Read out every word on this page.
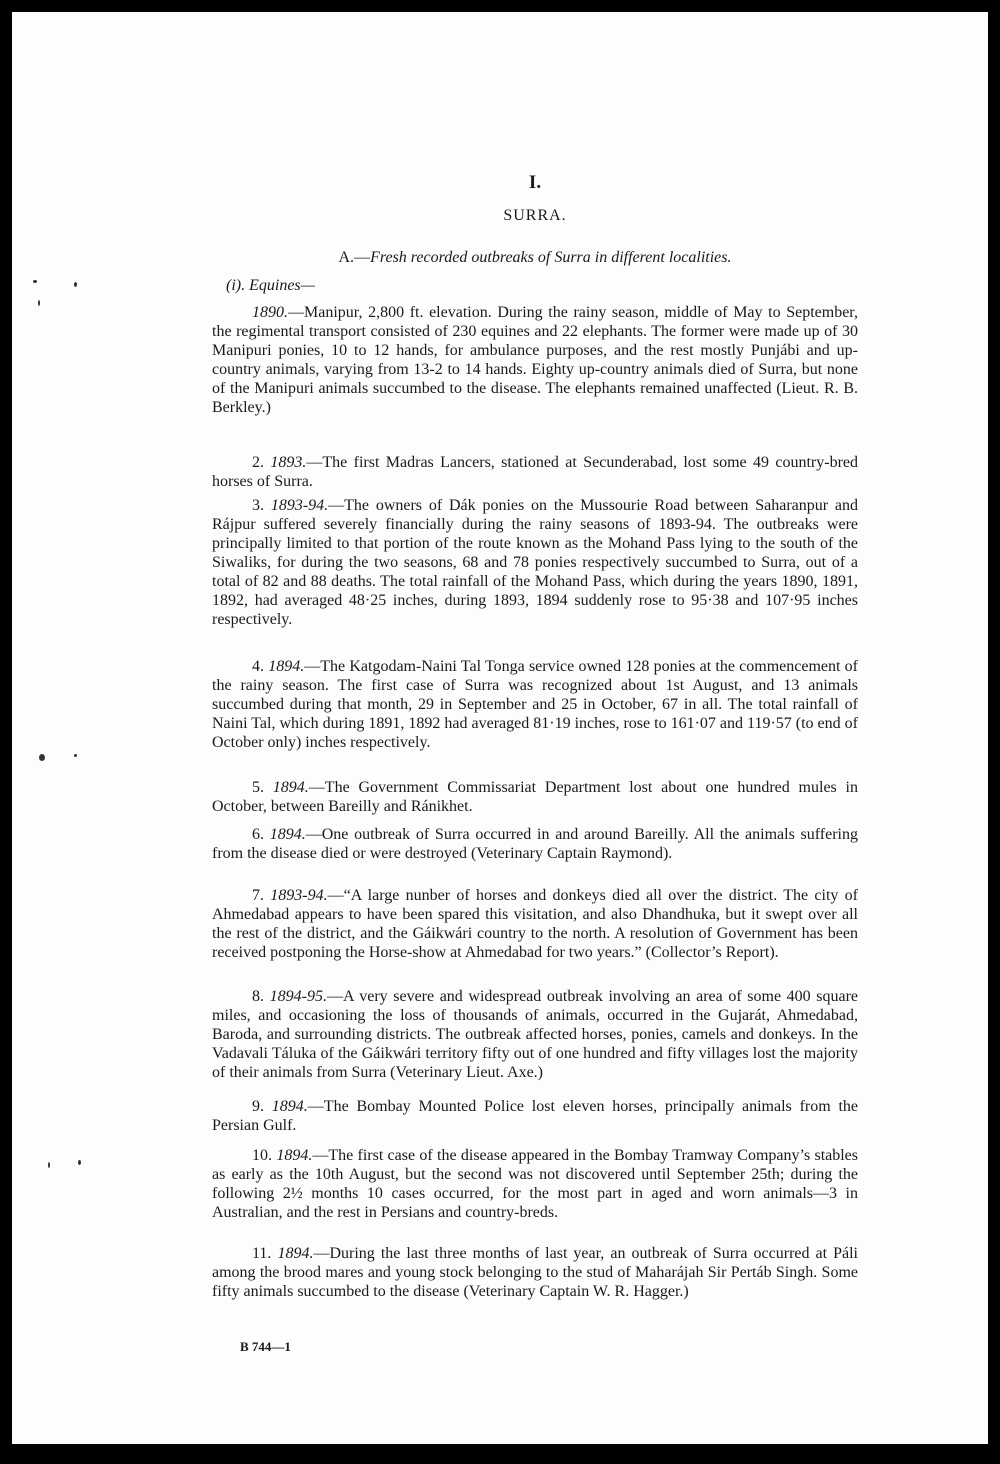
I.
SURRA.
A.—Fresh recorded outbreaks of Surra in different localities.
(i). Equines—

1890.—Manipur, 2,800 ft. elevation. During the rainy season, middle of May to September, the regimental transport consisted of 230 equines and 22 elephants. The former were made up of 30 Manipuri ponies, 10 to 12 hands, for ambulance purposes, and the rest mostly Punjábi and up-country animals, varying from 13-2 to 14 hands. Eighty up-country animals died of Surra, but none of the Manipuri animals succumbed to the disease. The elephants remained unaffected (Lieut. R. B. Berkley.)

2. 1893.—The first Madras Lancers, stationed at Secunderabad, lost some 49 country-bred horses of Surra.

3. 1893-94.—The owners of Dák ponies on the Mussourie Road between Saharanpur and Rájpur suffered severely financially during the rainy seasons of 1893-94. The outbreaks were principally limited to that portion of the route known as the Mohand Pass lying to the south of the Siwaliks, for during the two seasons, 68 and 78 ponies respectively succumbed to Surra, out of a total of 82 and 88 deaths. The total rainfall of the Mohand Pass, which during the years 1890, 1891, 1892, had averaged 48·25 inches, during 1893, 1894 suddenly rose to 95·38 and 107·95 inches respectively.

4. 1894.—The Katgodam-Naini Tal Tonga service owned 128 ponies at the commencement of the rainy season. The first case of Surra was recognized about 1st August, and 13 animals succumbed during that month, 29 in September and 25 in October, 67 in all. The total rainfall of Naini Tal, which during 1891, 1892 had averaged 81·19 inches, rose to 161·07 and 119·57 (to end of October only) inches respectively.

5. 1894.—The Government Commissariat Department lost about one hundred mules in October, between Bareilly and Ránikhet.

6. 1894.—One outbreak of Surra occurred in and around Bareilly. All the animals suffering from the disease died or were destroyed (Veterinary Captain Raymond).

7. 1893-94.—“A large nunber of horses and donkeys died all over the district. The city of Ahmedabad appears to have been spared this visitation, and also Dhandhuka, but it swept over all the rest of the district, and the Gáikwári country to the north. A resolution of Government has been received postponing the Horse-show at Ahmedabad for two years.” (Collector’s Report).

8. 1894-95.—A very severe and widespread outbreak involving an area of some 400 square miles, and occasioning the loss of thousands of animals, occurred in the Gujarát, Ahmedabad, Baroda, and surrounding districts. The outbreak affected horses, ponies, camels and donkeys. In the Vadavali Táluka of the Gáikwári territory fifty out of one hundred and fifty villages lost the majority of their animals from Surra (Veterinary Lieut. Axe.)

9. 1894.—The Bombay Mounted Police lost eleven horses, principally animals from the Persian Gulf.

10. 1894.—The first case of the disease appeared in the Bombay Tramway Company’s stables as early as the 10th August, but the second was not discovered until September 25th; during the following 2½ months 10 cases occurred, for the most part in aged and worn animals—3 in Australian, and the rest in Persians and country-breds.

11. 1894.—During the last three months of last year, an outbreak of Surra occurred at Páli among the brood mares and young stock belonging to the stud of Maharájah Sir Pertáb Singh. Some fifty animals succumbed to the disease (Veterinary Captain W. R. Hagger.)

B 744—1
